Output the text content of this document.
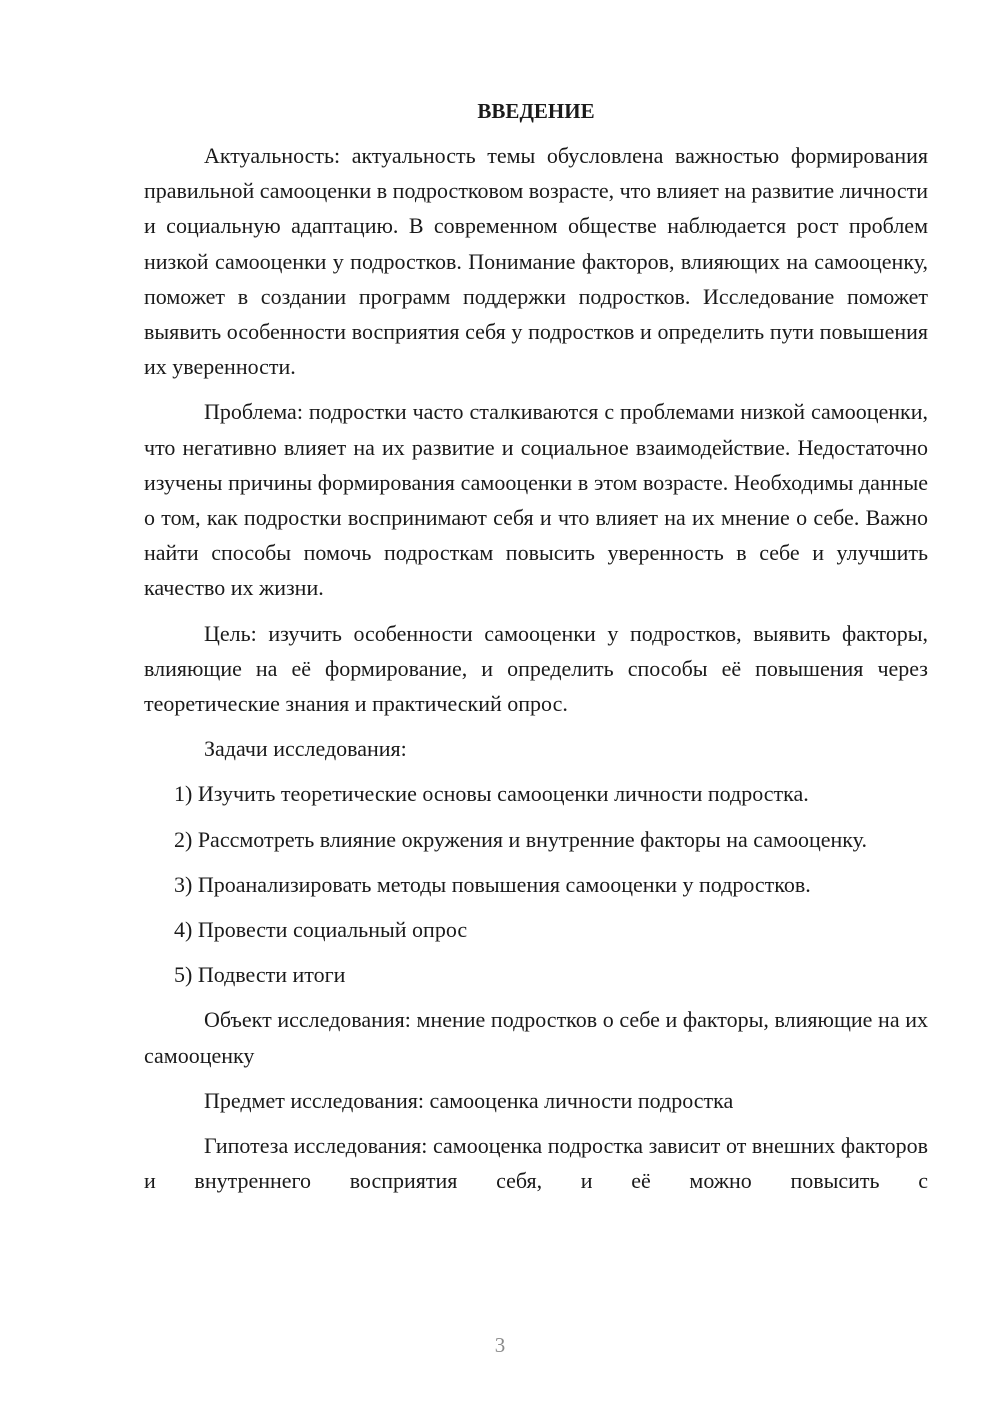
ВВЕДЕНИЕ

Актуальность: актуальность темы обусловлена важностью формирования правильной самооценки в подростковом возрасте, что влияет на развитие личности и социальную адаптацию. В современном обществе наблюдается рост проблем низкой самооценки у подростков. Понимание факторов, влияющих на самооценку, поможет в создании программ поддержки подростков. Исследование поможет выявить особенности восприятия себя у подростков и определить пути повышения их уверенности.

Проблема: подростки часто сталкиваются с проблемами низкой самооценки, что негативно влияет на их развитие и социальное взаимодействие. Недостаточно изучены причины формирования самооценки в этом возрасте. Необходимы данные о том, как подростки воспринимают себя и что влияет на их мнение о себе. Важно найти способы помочь подросткам повысить уверенность в себе и улучшить качество их жизни.

Цель: изучить особенности самооценки у подростков, выявить факторы, влияющие на её формирование, и определить способы её повышения через теоретические знания и практический опрос.

Задачи исследования:

1) Изучить теоретические основы самооценки личности подростка.

2) Рассмотреть влияние окружения и внутренние факторы на самооценку.

3) Проанализировать методы повышения самооценки у подростков.

4) Провести социальный опрос

5) Подвести итоги

Объект исследования: мнение подростков о себе и факторы, влияющие на их самооценку

Предмет исследования: самооценка личности подростка

Гипотеза исследования: самооценка подростка зависит от внешних факторов и внутреннего восприятия себя, и её можно повысить с

3
